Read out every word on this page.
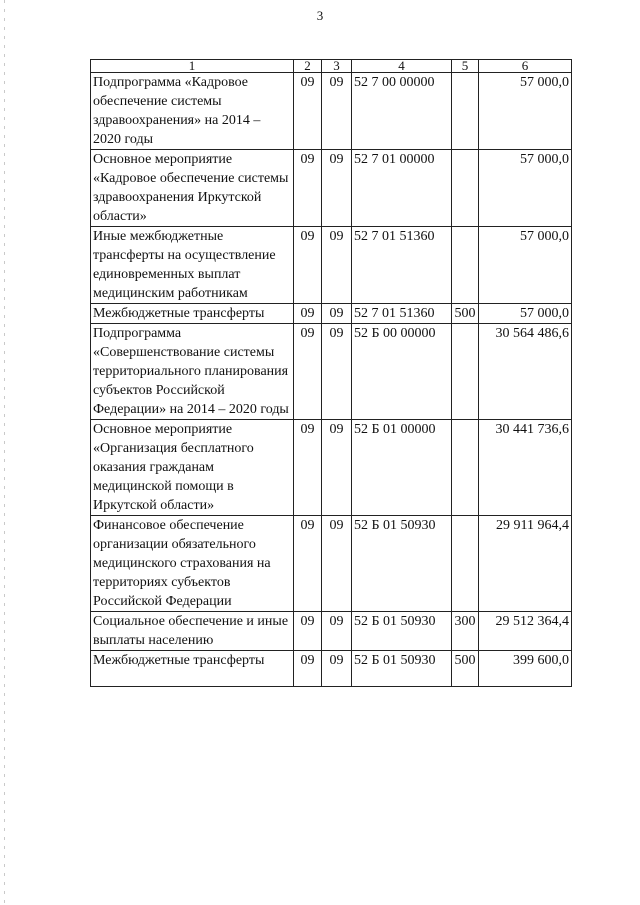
3
1	2	3	4	5	6
Подпрограмма «Кадровое обеспечение системы здравоохранения» на 2014 – 2020 годы	09	09	52 7 00 00000		57 000,0
Основное мероприятие «Кадровое обеспечение системы здравоохранения Иркутской области»	09	09	52 7 01 00000		57 000,0
Иные межбюджетные трансферты на осуществление единовременных выплат медицинским работникам	09	09	52 7 01 51360		57 000,0
Межбюджетные трансферты	09	09	52 7 01 51360	500	57 000,0
Подпрограмма «Совершенствование системы территориального планирования субъектов Российской Федерации» на 2014 – 2020 годы	09	09	52 Б 00 00000		30 564 486,6
Основное мероприятие «Организация бесплатного оказания гражданам медицинской помощи в Иркутской области»	09	09	52 Б 01 00000		30 441 736,6
Финансовое обеспечение организации обязательного медицинского страхования на территориях субъектов Российской Федерации	09	09	52 Б 01 50930		29 911 964,4
Социальное обеспечение и иные выплаты населению	09	09	52 Б 01 50930	300	29 512 364,4
Межбюджетные трансферты	09	09	52 Б 01 50930	500	399 600,0
